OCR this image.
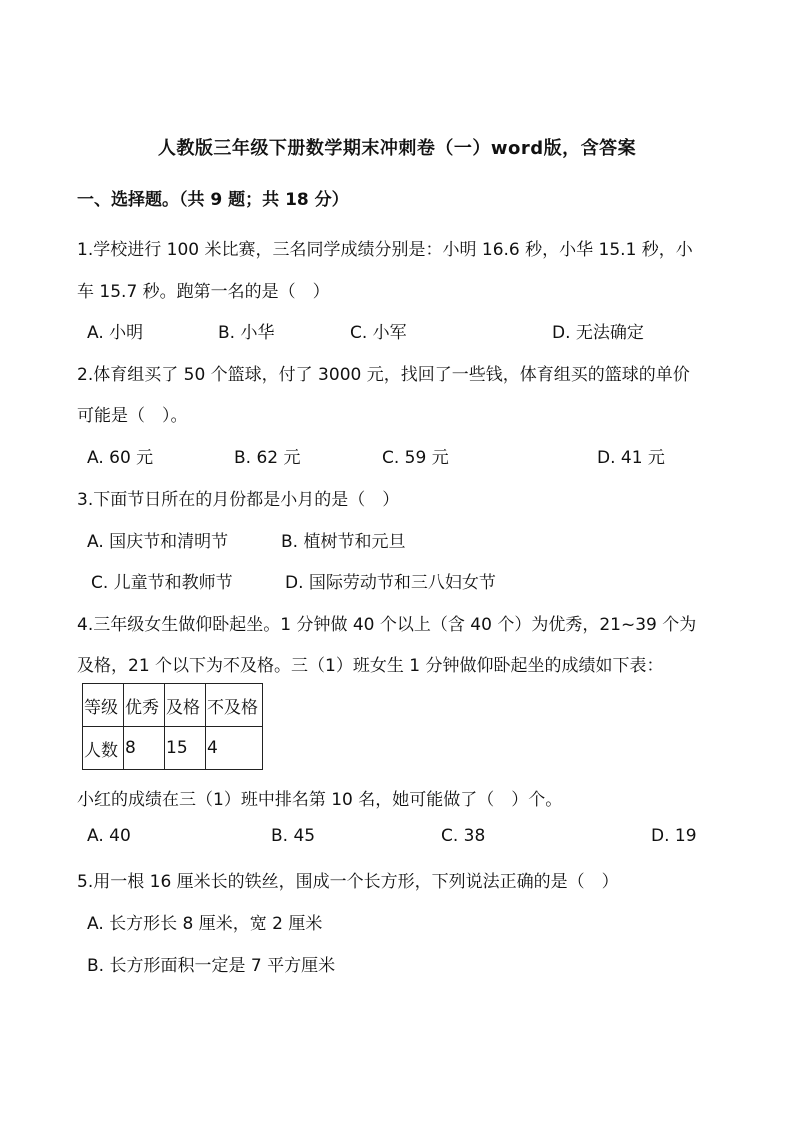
人教版三年级下册数学期末冲刺卷（一）word版，含答案
一、选择题。（共 9 题；共 18 分）
1.学校进行 100 米比赛，三名同学成绩分别是：小明 16.6 秒，小华 15.1 秒，小
车 15.7 秒。跑第一名的是（　）
A. 小明	B. 小华	C. 小军	D. 无法确定
2.体育组买了 50 个篮球，付了 3000 元，找回了一些钱，体育组买的篮球的单价
可能是（　）。
A. 60 元	B. 62 元	C. 59 元	D. 41 元
3.下面节日所在的月份都是小月的是（　）
A. 国庆节和清明节	B. 植树节和元旦
C. 儿童节和教师节	D. 国际劳动节和三八妇女节
4.三年级女生做仰卧起坐。1 分钟做 40 个以上（含 40 个）为优秀，21~39 个为
及格，21 个以下为不及格。三（1）班女生 1 分钟做仰卧起坐的成绩如下表：
等级	优秀	及格	不及格
人数	8	15	4
小红的成绩在三（1）班中排名第 10 名，她可能做了（　）个。
A. 40	B. 45	C. 38	D. 19
5.用一根 16 厘米长的铁丝，围成一个长方形，下列说法正确的是（　）
A. 长方形长 8 厘米，宽 2 厘米
B. 长方形面积一定是 7 平方厘米
